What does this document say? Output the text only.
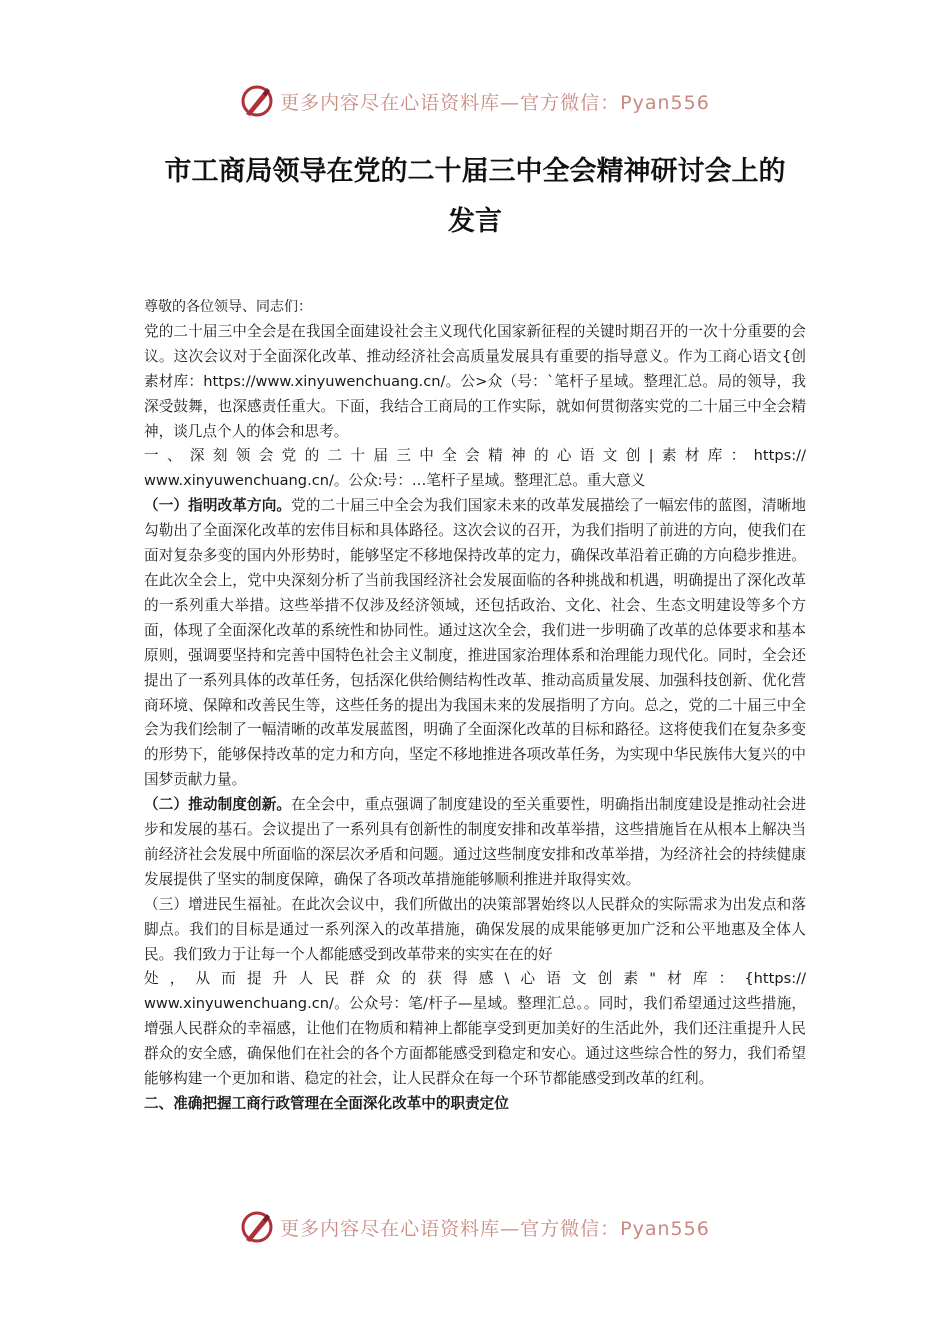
更多内容尽在心语资料库—官方微信：Pyan556
市工商局领导在党的二十届三中全会精神研讨会上的
发言

尊敬的各位领导、同志们：

党的二十届三中全会是在我国全面建设社会主义现代化国家新征程的关键时期召开的一次十分重要的会议。这次会议对于全面深化改革、推动经济社会高质量发展具有重要的指导意义。作为工商心语文{创素材库：https://www.xinyuwenchuang.cn/。公>众（号：`笔杆子星域。整理汇总。局的领导，我深受鼓舞，也深感责任重大。下面，我结合工商局的工作实际，就如何贯彻落实党的二十届三中全会精神，谈几点个人的体会和思考。

一、深刻领会党的二十届三中全会精神的心语文创|素材库：https://

www.xinyuwenchuang.cn/。公众:号：…笔杆子星域。整理汇总。重大意义

（一）指明改革方向。党的二十届三中全会为我们国家未来的改革发展描绘了一幅宏伟的蓝图，清晰地勾勒出了全面深化改革的宏伟目标和具体路径。这次会议的召开，为我们指明了前进的方向，使我们在面对复杂多变的国内外形势时，能够坚定不移地保持改革的定力，确保改革沿着正确的方向稳步推进。在此次全会上，党中央深刻分析了当前我国经济社会发展面临的各种挑战和机遇，明确提出了深化改革的一系列重大举措。这些举措不仅涉及经济领域，还包括政治、文化、社会、生态文明建设等多个方面，体现了全面深化改革的系统性和协同性。通过这次全会，我们进一步明确了改革的总体要求和基本原则，强调要坚持和完善中国特色社会主义制度，推进国家治理体系和治理能力现代化。同时，全会还提出了一系列具体的改革任务，包括深化供给侧结构性改革、推动高质量发展、加强科技创新、优化营商环境、保障和改善民生等，这些任务的提出为我国未来的发展指明了方向。总之，党的二十届三中全会为我们绘制了一幅清晰的改革发展蓝图，明确了全面深化改革的目标和路径。这将使我们在复杂多变的形势下，能够保持改革的定力和方向，坚定不移地推进各项改革任务，为实现中华民族伟大复兴的中国梦贡献力量。

（二）推动制度创新。在全会中，重点强调了制度建设的至关重要性，明确指出制度建设是推动社会进步和发展的基石。会议提出了一系列具有创新性的制度安排和改革举措，这些措施旨在从根本上解决当前经济社会发展中所面临的深层次矛盾和问题。通过这些制度安排和改革举措，为经济社会的持续健康发展提供了坚实的制度保障，确保了各项改革措施能够顺利推进并取得实效。

（三）增进民生福祉。在此次会议中，我们所做出的决策部署始终以人民群众的实际需求为出发点和落脚点。我们的目标是通过一系列深入的改革措施，确保发展的成果能够更加广泛和公平地惠及全体人民。我们致力于让每一个人都能感受到改革带来的实实在在的好

处，从而提升人民群众的获得感\心语文创素"材库：{https://

www.xinyuwenchuang.cn/。公众号：笔/杆子—星域。整理汇总。。同时，我们希望通过这些措施，增强人民群众的幸福感，让他们在物质和精神上都能享受到更加美好的生活此外，我们还注重提升人民群众的安全感，确保他们在社会的各个方面都能感受到稳定和安心。通过这些综合性的努力，我们希望能够构建一个更加和谐、稳定的社会，让人民群众在每一个环节都能感受到改革的红利。

二、准确把握工商行政管理在全面深化改革中的职责定位

更多内容尽在心语资料库—官方微信：Pyan556
